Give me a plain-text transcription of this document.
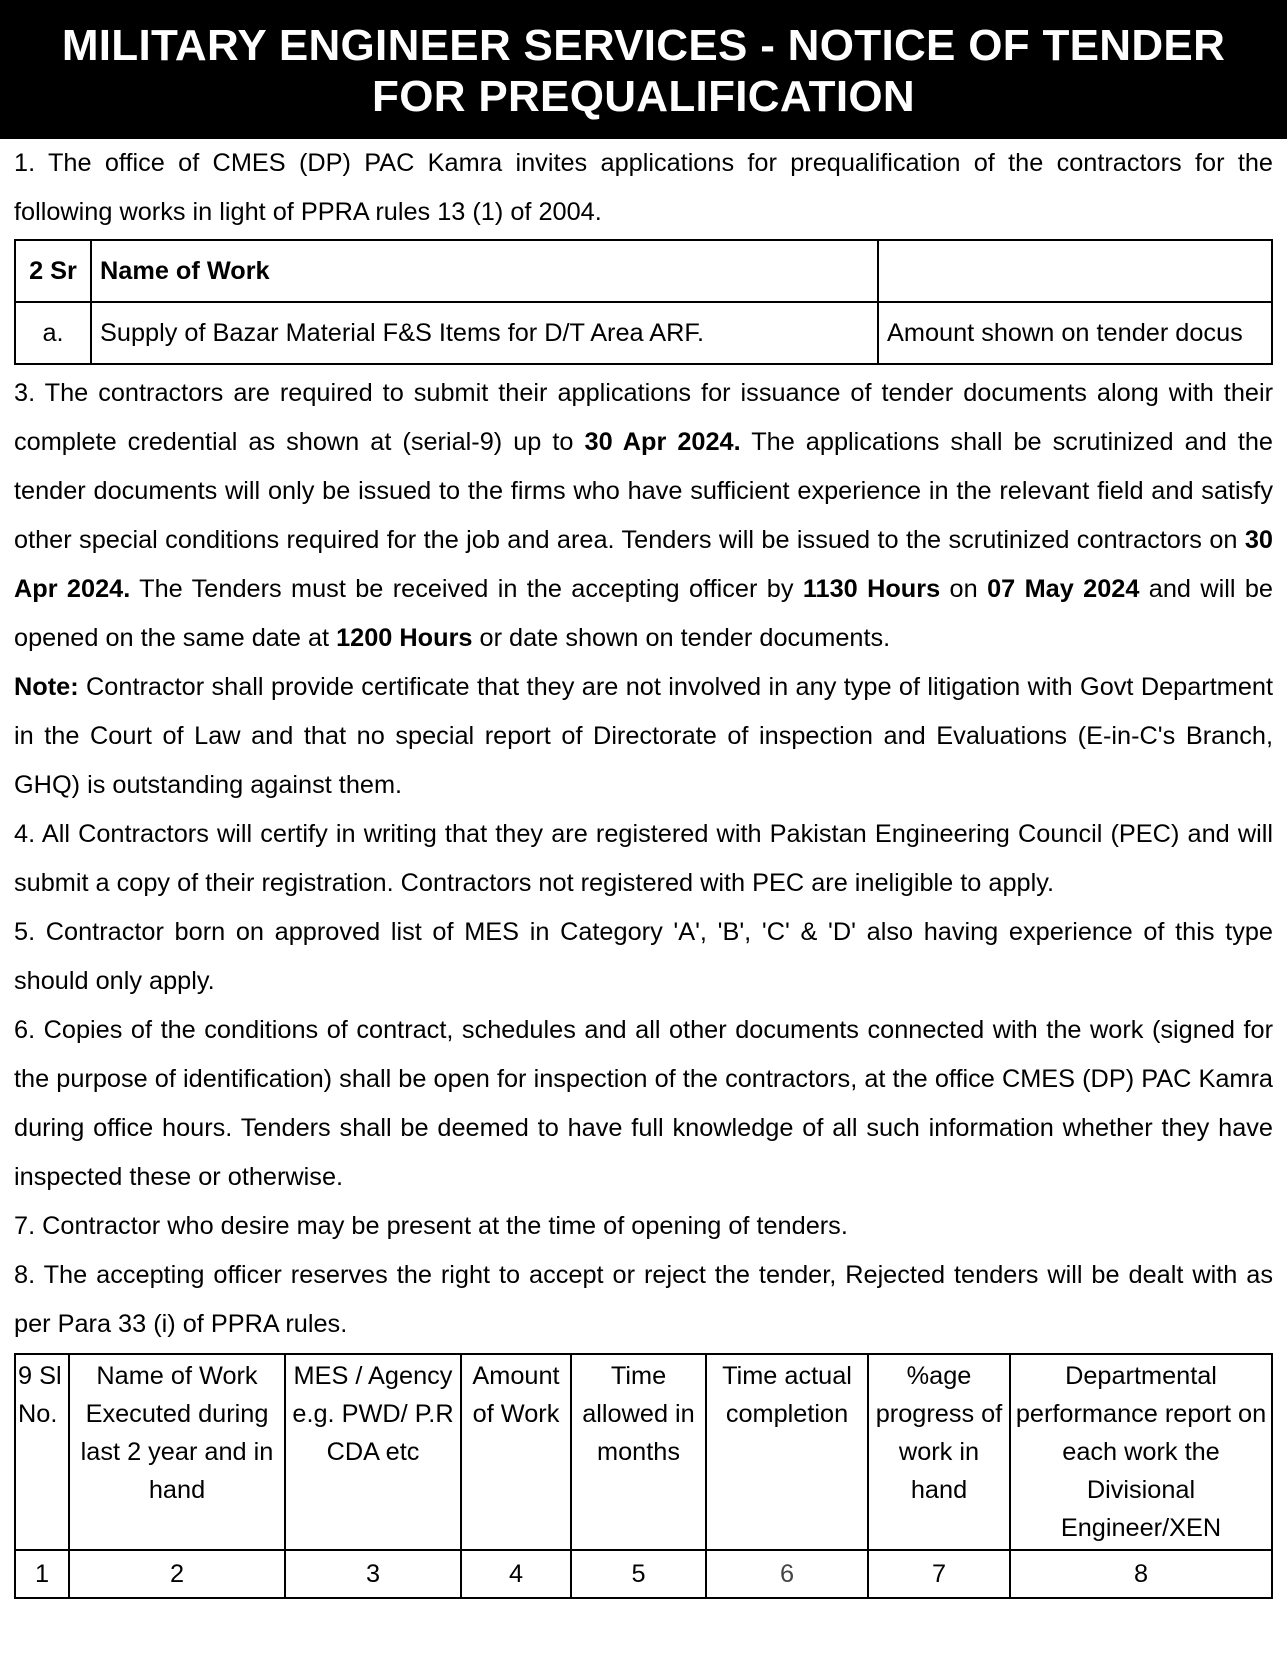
MILITARY ENGINEER SERVICES - NOTICE OF TENDER
FOR PREQUALIFICATION

1. The office of CMES (DP) PAC Kamra invites applications for prequalification of the contractors for the following works in light of PPRA rules 13 (1) of 2004.

2 Sr	Name of Work	
a.	Supply of Bazar Material F&S Items for D/T Area ARF.	Amount shown on tender docus

3. The contractors are required to submit their applications for issuance of tender documents along with their complete credential as shown at (serial-9) up to 30 Apr 2024. The applications shall be scrutinized and the tender documents will only be issued to the firms who have sufficient experience in the relevant field and satisfy other special conditions required for the job and area. Tenders will be issued to the scrutinized contractors on 30 Apr 2024. The Tenders must be received in the accepting officer by 1130 Hours on 07 May 2024 and will be opened on the same date at 1200 Hours or date shown on tender documents.

Note: Contractor shall provide certificate that they are not involved in any type of litigation with Govt Department in the Court of Law and that no special report of Directorate of inspection and Evaluations (E-in-C's Branch, GHQ) is outstanding against them.

4. All Contractors will certify in writing that they are registered with Pakistan Engineering Council (PEC) and will submit a copy of their registration. Contractors not registered with PEC are ineligible to apply.

5. Contractor born on approved list of MES in Category 'A', 'B', 'C' & 'D' also having experience of this type should only apply.

6. Copies of the conditions of contract, schedules and all other documents connected with the work (signed for the purpose of identification) shall be open for inspection of the contractors, at the office CMES (DP) PAC Kamra during office hours. Tenders shall be deemed to have full knowledge of all such information whether they have inspected these or otherwise.

7. Contractor who desire may be present at the time of opening of tenders.

8. The accepting officer reserves the right to accept or reject the tender, Rejected tenders will be dealt with as per Para 33 (i) of PPRA rules.

9 Sl No.	Name of Work Executed during last 2 year and in hand	MES / Agency e.g. PWD/ P.R CDA etc	Amount of Work	Time allowed in months	Time actual completion	%age progress of work in hand	Departmental performance report on each work the Divisional Engineer/XEN
1	2	3	4	5	6	7	8
